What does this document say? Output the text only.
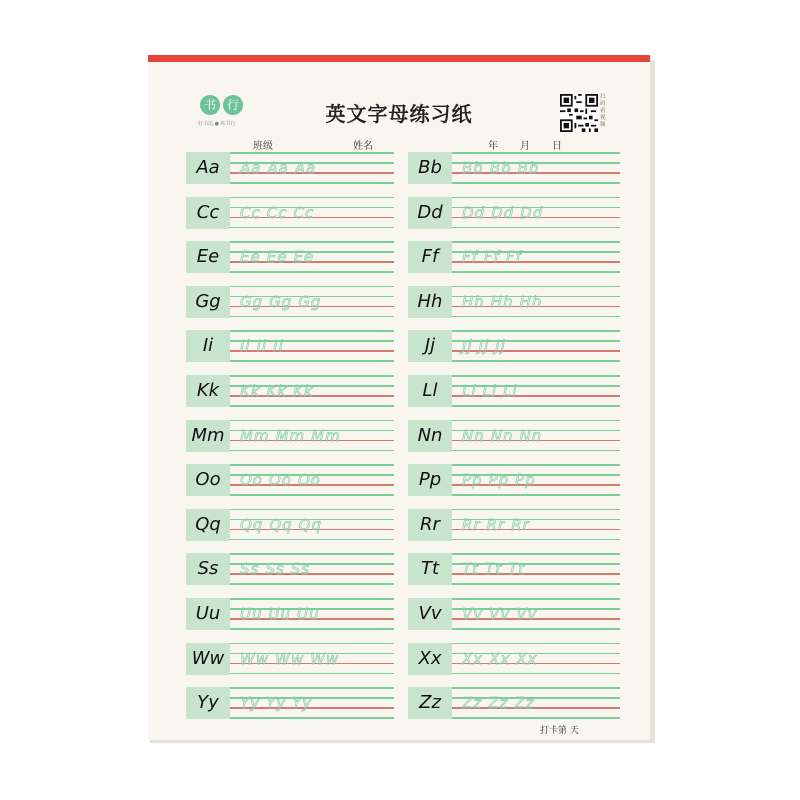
书 行
好书法 ● 练书行	英文字母练习纸
扫码看视频
班级	姓名	年 月 日
Aa	Aa Aa Aa	Bb	Bb Bb Bb
Cc	Cc Cc Cc	Dd	Dd Dd Dd
Ee	Ee Ee Ee	Ff	Ff Ff Ff
Gg	Gg Gg Gg	Hh	Hh Hh Hh
Ii	Ii Ii Ii	Jj	Jj Jj Jj
Kk	Kk Kk Kk	Ll	Ll Ll Ll
Mm	Mm Mm Mm	Nn	Nn Nn Nn
Oo	Oo Oo Oo	Pp	Pp Pp Pp
Qq	Qq Qq Qq	Rr	Rr Rr Rr
Ss	Ss Ss Ss	Tt	Tt Tt Tt
Uu	Uu Uu Uu	Vv	Vv Vv Vv
Ww	Ww Ww Ww	Xx	Xx Xx Xx
Yy	Yy Yy Yy	Zz	Zz Zz Zz
打卡第 天
